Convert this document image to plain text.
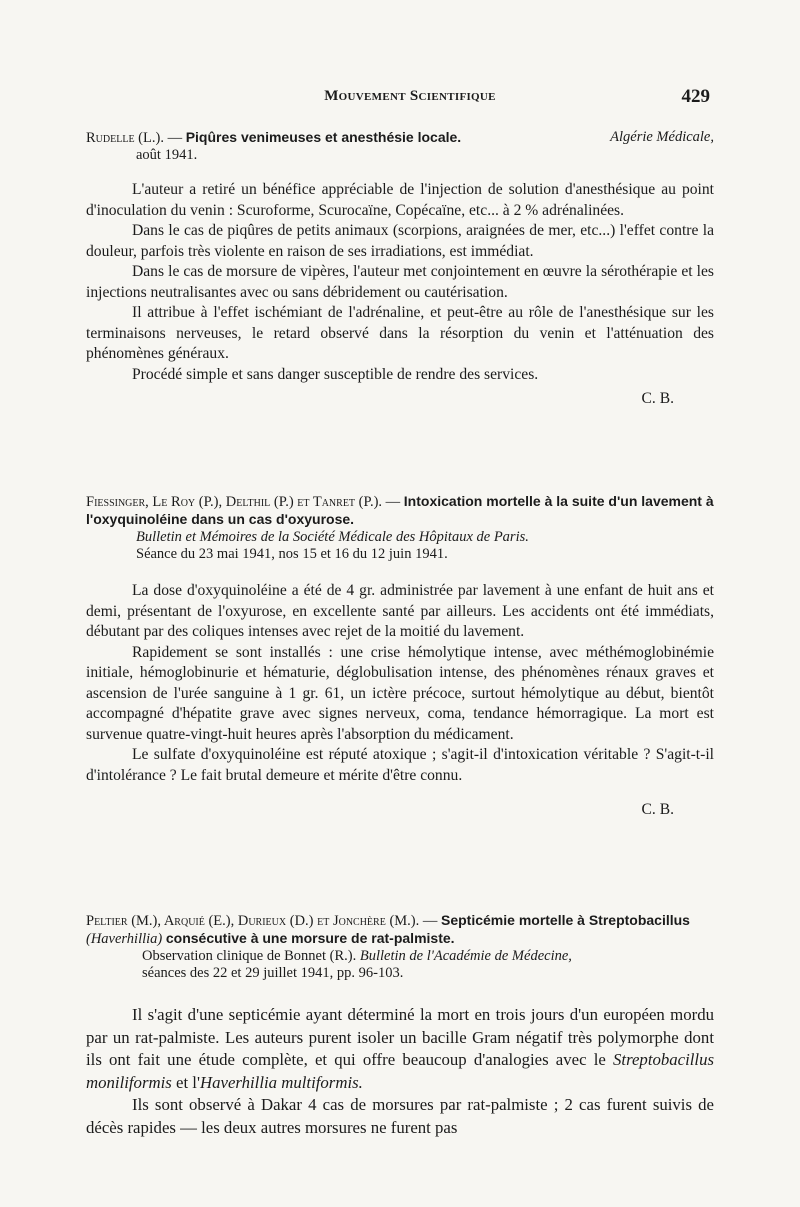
Mouvement Scientifique	429
Rudelle (L.). — Piqûres venimeuses et anesthésie locale.	Algérie Médicale,
août 1941.

L'auteur a retiré un bénéfice appréciable de l'injection de solution d'anesthésique au point d'inoculation du venin : Scuroforme, Scurocaïne, Copécaïne, etc... à 2 % adrénalinées.

Dans le cas de piqûres de petits animaux (scorpions, araignées de mer, etc...) l'effet contre la douleur, parfois très violente en raison de ses irradiations, est immédiat.

Dans le cas de morsure de vipères, l'auteur met conjointement en œuvre la sérothérapie et les injections neutralisantes avec ou sans débridement ou cautérisation.

Il attribue à l'effet ischémiant de l'adrénaline, et peut-être au rôle de l'anesthésique sur les terminaisons nerveuses, le retard observé dans la résorption du venin et l'atténuation des phénomènes généraux.

Procédé simple et sans danger susceptible de rendre des services.

C. B.
Fiessinger, Le Roy (P.), Delthil (P.) et Tanret (P.). — Intoxication mortelle à la suite d'un lavement à l'oxyquinoléine dans un cas d'oxyurose.
Bulletin et Mémoires de la Société Médicale des Hôpitaux de Paris.
Séance du 23 mai 1941, nos 15 et 16 du 12 juin 1941.

La dose d'oxyquinoléine a été de 4 gr. administrée par lavement à une enfant de huit ans et demi, présentant de l'oxyurose, en excellente santé par ailleurs. Les accidents ont été immédiats, débutant par des coliques intenses avec rejet de la moitié du lavement.

Rapidement se sont installés : une crise hémolytique intense, avec méthémoglobinémie initiale, hémoglobinurie et hématurie, déglobulisation intense, des phénomènes rénaux graves et ascension de l'urée sanguine à 1 gr. 61, un ictère précoce, surtout hémolytique au début, bientôt accompagné d'hépatite grave avec signes nerveux, coma, tendance hémorragique. La mort est survenue quatre-vingt-huit heures après l'absorption du médicament.

Le sulfate d'oxyquinoléine est réputé atoxique ; s'agit-il d'intoxication véritable ? S'agit-t-il d'intolérance ? Le fait brutal demeure et mérite d'être connu.

C. B.
Peltier (M.), Arquié (E.), Durieux (D.) et Jonchère (M.). — Septicémie mortelle à Streptobacillus (Haverhillia) consécutive à une morsure de rat-palmiste.
Observation clinique de Bonnet (R.). Bulletin de l'Académie de Médecine,
séances des 22 et 29 juillet 1941, pp. 96-103.

Il s'agit d'une septicémie ayant déterminé la mort en trois jours d'un européen mordu par un rat-palmiste. Les auteurs purent isoler un bacille Gram négatif très polymorphe dont ils ont fait une étude complète, et qui offre beaucoup d'analogies avec le Streptobacillus moniliformis et l'Haverhillia multiformis.

Ils sont observé à Dakar 4 cas de morsures par rat-palmiste ; 2 cas furent suivis de décès rapides — les deux autres morsures ne furent pas
